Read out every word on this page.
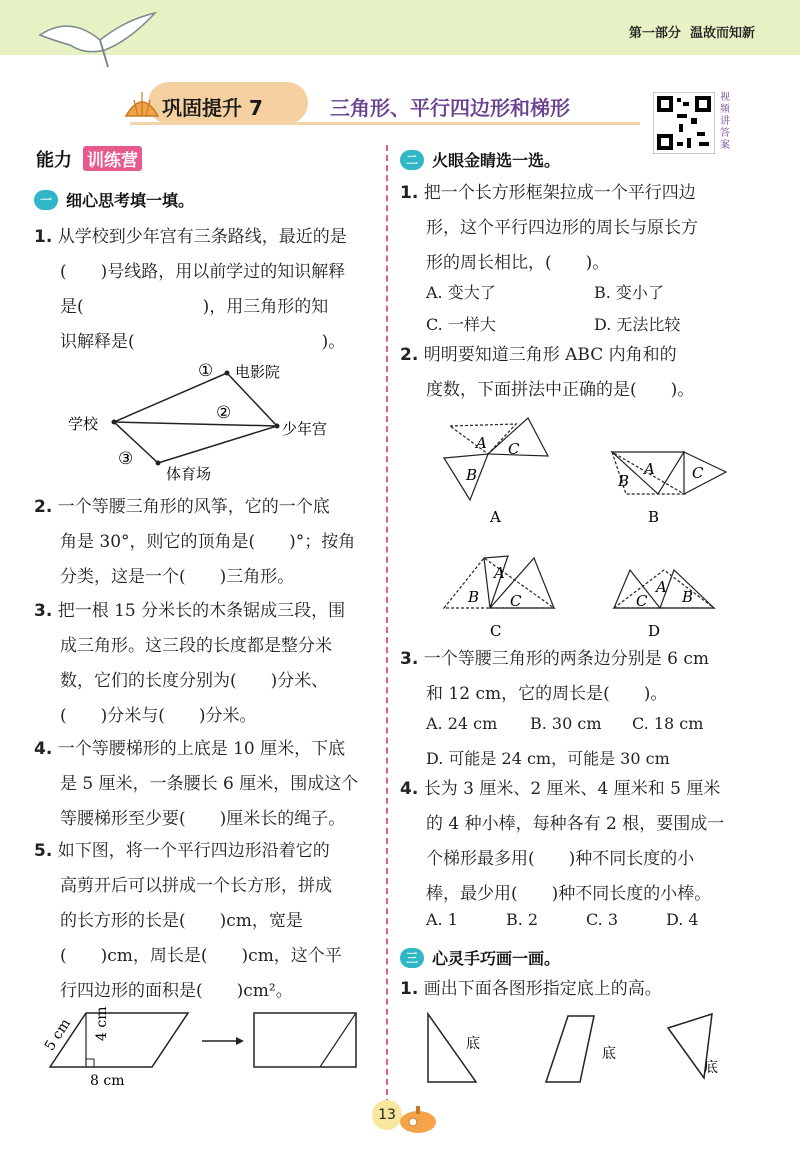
第一部分 温故而知新
巩固提升 7	三角形、平行四边形和梯形	视频讲答案
能力 训练营
一 细心思考填一填。
1. 从学校到少年宫有三条路线，最近的是
(　　)号线路，用以前学过的知识解释
是(　　　　　　　)，用三角形的知
识解释是(　　　　　　　　　　　)。
① 电影院
②
③
体育场
学校	少年宫
2. 一个等腰三角形的风筝，它的一个底
角是 30°，则它的顶角是(　　)°；按角
分类，这是一个(　　)三角形。
3. 把一根 15 分米长的木条锯成三段，围
成三角形。这三段的长度都是整分米
数，它们的长度分别为(　　)分米、
(　　)分米与(　　)分米。
4. 一个等腰梯形的上底是 10 厘米，下底
是 5 厘米，一条腰长 6 厘米，围成这个
等腰梯形至少要(　　)厘米长的绳子。
5. 如下图，将一个平行四边形沿着它的
高剪开后可以拼成一个长方形，拼成
的长方形的长是(　　)cm，宽是
(　　)cm，周长是(　　)cm，这个平
行四边形的面积是(　　)cm²。
5 cm 4 cm
8 cm
二 火眼金睛选一选。
1. 把一个长方形框架拉成一个平行四边
形，这个平行四边形的周长与原长方
形的周长相比，(　　)。
A. 变大了	B. 变小了
C. 一样大	D. 无法比较
2. 明明要知道三角形 ABC 内角和的
度数，下面拼法中正确的是(　　)。
A C
B
A
A
B	C
B
A
B C
C
A
C B
D
3. 一个等腰三角形的两条边分别是 6 cm
和 12 cm，它的周长是(　　)。
A. 24 cm B. 30 cm C. 18 cm
D. 可能是 24 cm，可能是 30 cm
4. 长为 3 厘米、2 厘米、4 厘米和 5 厘米
的 4 种小棒，每种各有 2 根，要围成一
个梯形最多用(　　)种不同长度的小
棒，最少用(　　)种不同长度的小棒。
A. 1	B. 2	C. 3	D. 4
三 心灵手巧画一画。
1. 画出下面各图形指定底上的高。
底
底
底
13
